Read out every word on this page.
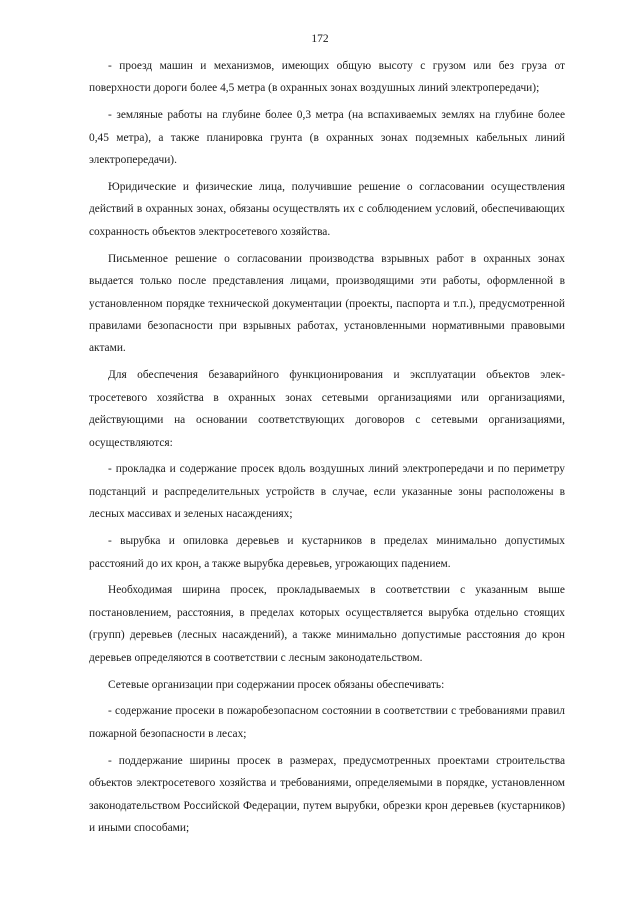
172

- проезд машин и механизмов, имеющих общую высоту с грузом или без груза от поверхности дороги более 4,5 метра (в охранных зонах воздушных линий электропередачи);

- земляные работы на глубине более 0,3 метра (на вспахиваемых землях на глубине более 0,45 метра), а также планировка грунта (в охранных зонах подземных кабельных линий электропередачи).

Юридические и физические лица, получившие решение о согласовании осуществления действий в охранных зонах, обязаны осуществлять их с соблюдением условий, обеспечивающих сохранность объектов электросетевого хозяйства.

Письменное решение о согласовании производства взрывных работ в охранных зонах выдается только после представления лицами, производящими эти работы, оформленной в установленном порядке технической документации (проекты, паспорта и т.п.), предусмотренной правилами безопасности при взрывных работах, установленными нормативными правовыми актами.

Для обеспечения безаварийного функционирования и эксплуатации объектов электросетевого хозяйства в охранных зонах сетевыми организациями или организациями, действующими на основании соответствующих договоров с сетевыми организациями, осуществляются:

- прокладка и содержание просек вдоль воздушных линий электропередачи и по периметру подстанций и распределительных устройств в случае, если указанные зоны расположены в лесных массивах и зеленых насаждениях;

- вырубка и опиловка деревьев и кустарников в пределах минимально допустимых расстояний до их крон, а также вырубка деревьев, угрожающих падением.

Необходимая ширина просек, прокладываемых в соответствии с указанным выше постановлением, расстояния, в пределах которых осуществляется вырубка отдельно стоящих (групп) деревьев (лесных насаждений), а также минимально допустимые расстояния до крон деревьев определяются в соответствии с лесным законодательством.

Сетевые организации при содержании просек обязаны обеспечивать:

- содержание просеки в пожаробезопасном состоянии в соответствии с требованиями правил пожарной безопасности в лесах;

- поддержание ширины просек в размерах, предусмотренных проектами строительства объектов электросетевого хозяйства и требованиями, определяемыми в порядке, установленном законодательством Российской Федерации, путем вырубки, обрезки крон деревьев (кустарников) и иными способами;
